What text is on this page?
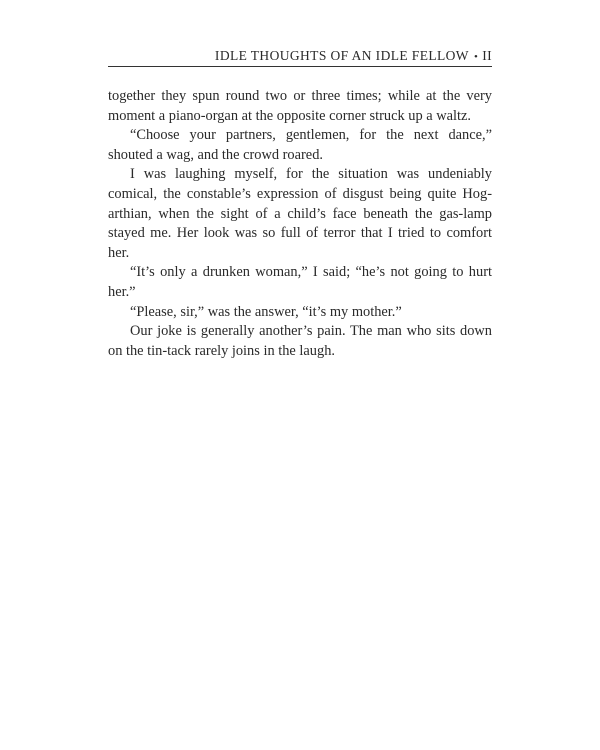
IDLE THOUGHTS OF AN IDLE FELLOW • II

together they spun round two or three times; while at the very moment a piano-organ at the opposite corner struck up a waltz.

“Choose your partners, gentlemen, for the next dance,” shouted a wag, and the crowd roared.

I was laughing myself, for the situation was undeniably comical, the constable’s expression of disgust being quite Hogarthian, when the sight of a child’s face beneath the gas-lamp stayed me. Her look was so full of terror that I tried to comfort her.

“It’s only a drunken woman,” I said; “he’s not going to hurt her.”

“Please, sir,” was the answer, “it’s my mother.”

Our joke is generally another’s pain. The man who sits down on the tin-tack rarely joins in the laugh.
